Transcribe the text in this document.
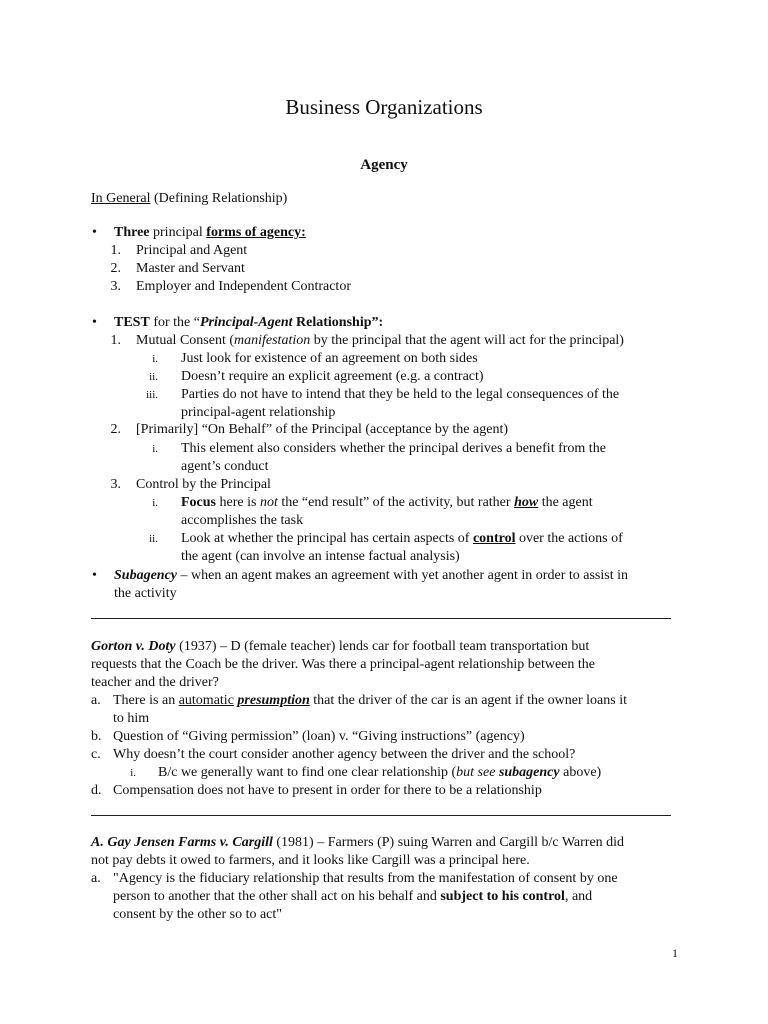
Business Organizations
Agency
In General (Defining Relationship)
• Three principal forms of agency:
1. Principal and Agent
2. Master and Servant
3. Employer and Independent Contractor
• TEST for the “Principal-Agent Relationship”:
1. Mutual Consent (manifestation by the principal that the agent will act for the principal)
i. Just look for existence of an agreement on both sides
ii. Doesn’t require an explicit agreement (e.g. a contract)
iii. Parties do not have to intend that they be held to the legal consequences of the
principal-agent relationship
2. [Primarily] “On Behalf” of the Principal (acceptance by the agent)
i. This element also considers whether the principal derives a benefit from the
agent’s conduct
3. Control by the Principal
i. Focus here is not the “end result” of the activity, but rather how the agent
accomplishes the task
ii. Look at whether the principal has certain aspects of control over the actions of
the agent (can involve an intense factual analysis)
• Subagency – when an agent makes an agreement with yet another agent in order to assist in
the activity
Gorton v. Doty (1937) – D (female teacher) lends car for football team transportation but
requests that the Coach be the driver. Was there a principal-agent relationship between the
teacher and the driver?
a. There is an automatic presumption that the driver of the car is an agent if the owner loans it
to him
b. Question of “Giving permission” (loan) v. “Giving instructions” (agency)
c. Why doesn’t the court consider another agency between the driver and the school?
i. B/c we generally want to find one clear relationship (but see subagency above)
d. Compensation does not have to present in order for there to be a relationship
A. Gay Jensen Farms v. Cargill (1981) – Farmers (P) suing Warren and Cargill b/c Warren did
not pay debts it owed to farmers, and it looks like Cargill was a principal here.
a. "Agency is the fiduciary relationship that results from the manifestation of consent by one
person to another that the other shall act on his behalf and subject to his control, and
consent by the other so to act"
1
